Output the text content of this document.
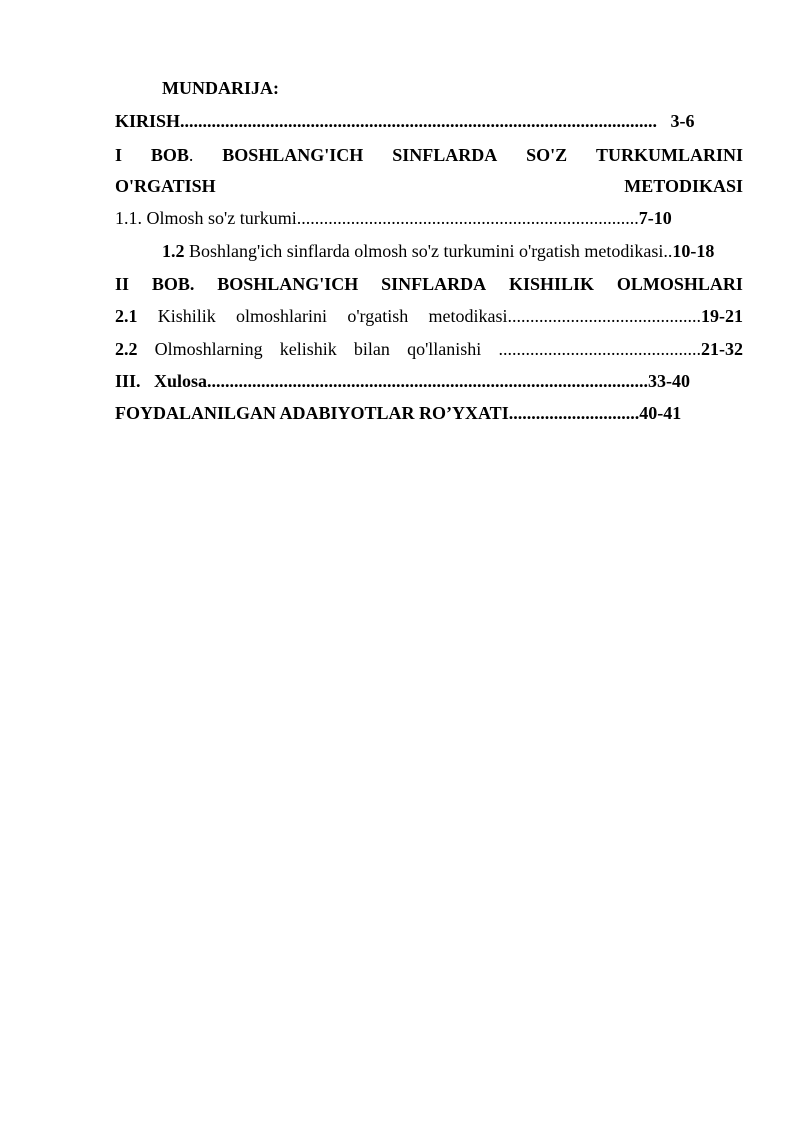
MUNDARIJA:
KIRISH.......................................................................................................... 3-6
I BOB. BOSHLANG'ICH SINFLARDA SO'Z TURKUMLARINI
O'RGATISH	METODIKASI
1.1. Olmosh so'z turkumi............................................................................7-10
1.2 Boshlang'ich sinflarda olmosh so'z turkumini o'rgatish metodikasi..10-18
II BOB. BOSHLANG'ICH SINFLARDA KISHILIK OLMOSHLARI
2.1 Kishilik olmoshlarini o'rgatish metodikasi...........................................19-21
2.2 Olmoshlarning kelishik bilan qo'llanishi .............................................21-32
III. Xulosa..................................................................................................33-40
FOYDALANILGAN ADABIYOTLAR RO’YXATI.............................40-41
